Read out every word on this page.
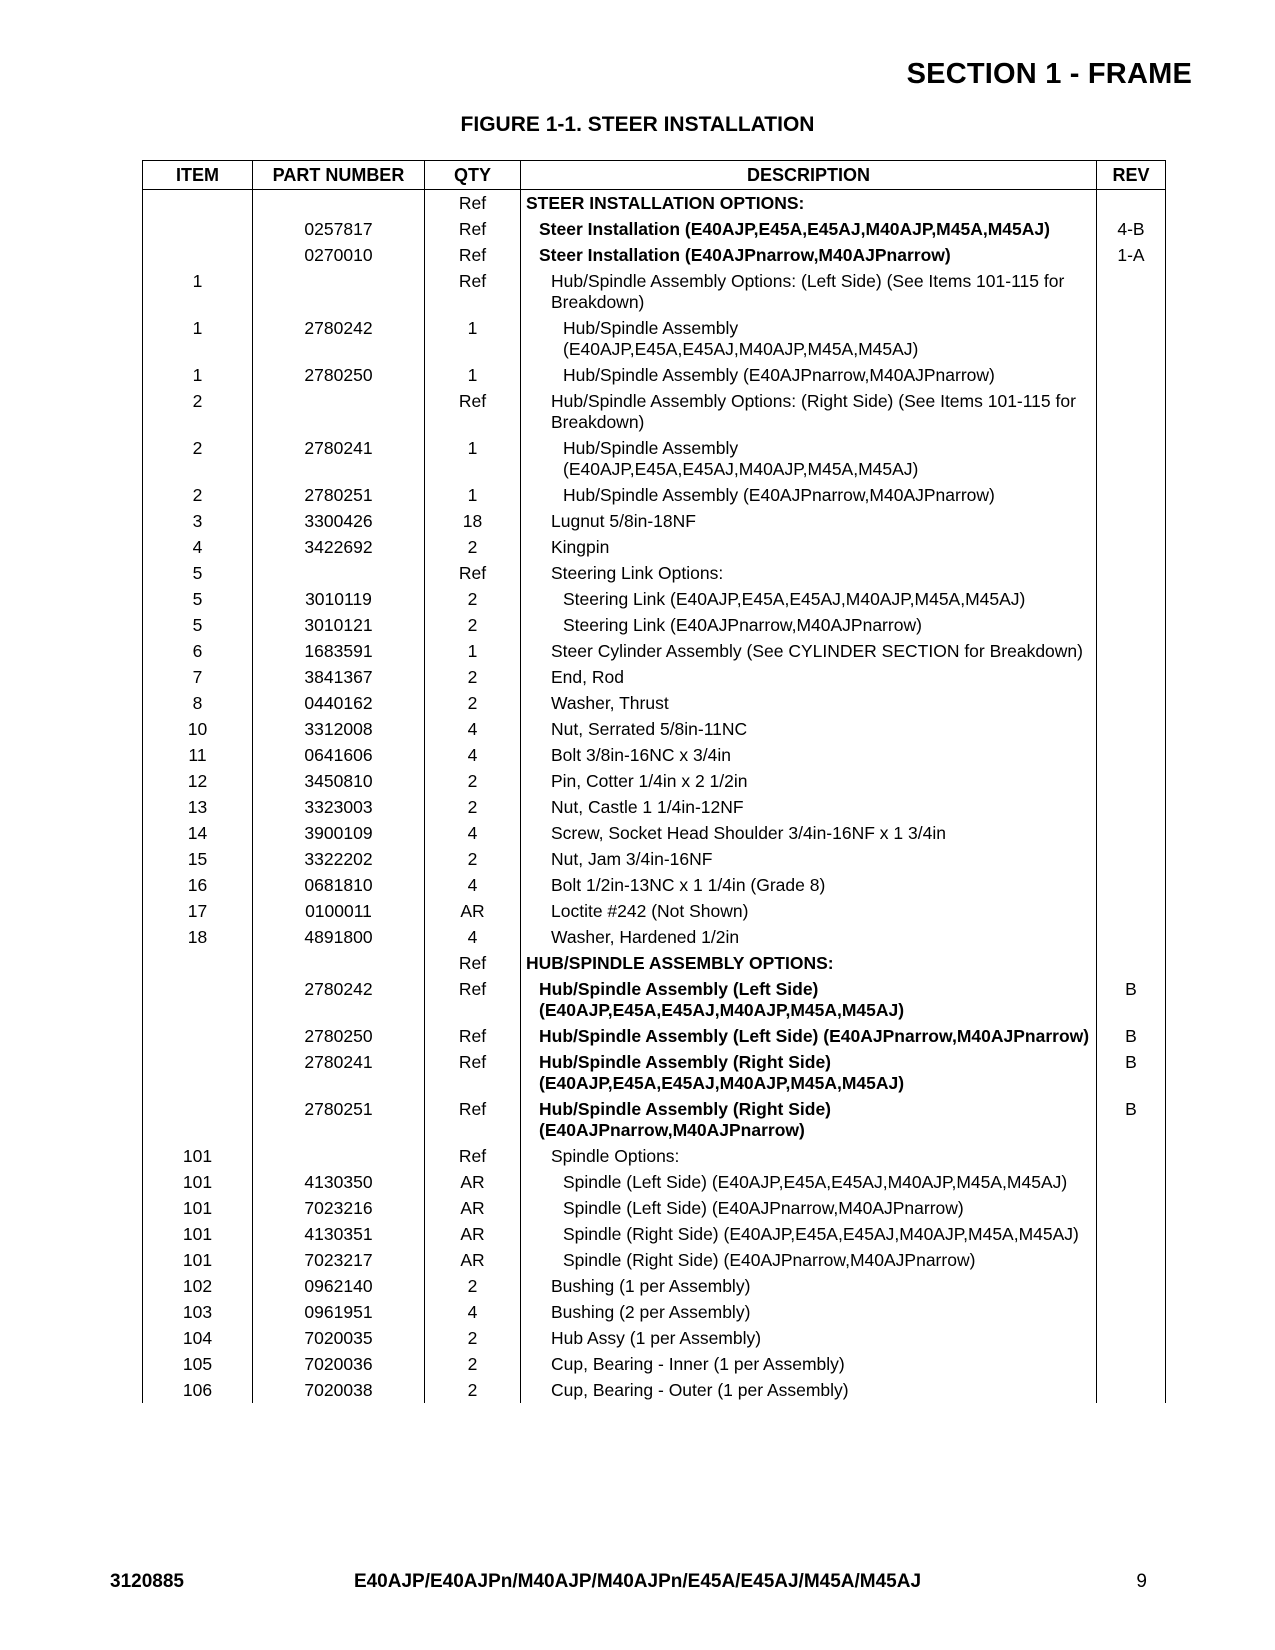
SECTION 1 - FRAME
FIGURE 1-1. STEER INSTALLATION
ITEM	PART NUMBER	QTY	DESCRIPTION	REV
		Ref	STEER INSTALLATION OPTIONS:	
	0257817	Ref	Steer Installation (E40AJP,E45A,E45AJ,M40AJP,M45A,M45AJ)	4-B
	0270010	Ref	Steer Installation (E40AJPnarrow,M40AJPnarrow)	1-A
1		Ref	Hub/Spindle Assembly Options: (Left Side) (See Items 101-115 for Breakdown)	
1	2780242	1	Hub/Spindle Assembly (E40AJP,E45A,E45AJ,M40AJP,M45A,M45AJ)	
1	2780250	1	Hub/Spindle Assembly (E40AJPnarrow,M40AJPnarrow)	
2		Ref	Hub/Spindle Assembly Options: (Right Side) (See Items 101-115 for Breakdown)	
2	2780241	1	Hub/Spindle Assembly (E40AJP,E45A,E45AJ,M40AJP,M45A,M45AJ)	
2	2780251	1	Hub/Spindle Assembly (E40AJPnarrow,M40AJPnarrow)	
3	3300426	18	Lugnut 5/8in-18NF	
4	3422692	2	Kingpin	
5		Ref	Steering Link Options:	
5	3010119	2	Steering Link (E40AJP,E45A,E45AJ,M40AJP,M45A,M45AJ)	
5	3010121	2	Steering Link (E40AJPnarrow,M40AJPnarrow)	
6	1683591	1	Steer Cylinder Assembly (See CYLINDER SECTION for Breakdown)	
7	3841367	2	End, Rod	
8	0440162	2	Washer, Thrust	
10	3312008	4	Nut, Serrated 5/8in-11NC	
11	0641606	4	Bolt 3/8in-16NC x 3/4in	
12	3450810	2	Pin, Cotter 1/4in x 2 1/2in	
13	3323003	2	Nut, Castle 1 1/4in-12NF	
14	3900109	4	Screw, Socket Head Shoulder 3/4in-16NF x 1 3/4in	
15	3322202	2	Nut, Jam 3/4in-16NF	
16	0681810	4	Bolt 1/2in-13NC x 1 1/4in (Grade 8)	
17	0100011	AR	Loctite #242 (Not Shown)	
18	4891800	4	Washer, Hardened 1/2in	
		Ref	HUB/SPINDLE ASSEMBLY OPTIONS:	
	2780242	Ref	Hub/Spindle Assembly (Left Side) (E40AJP,E45A,E45AJ,M40AJP,M45A,M45AJ)	B
	2780250	Ref	Hub/Spindle Assembly (Left Side) (E40AJPnarrow,M40AJPnarrow)	B
	2780241	Ref	Hub/Spindle Assembly (Right Side) (E40AJP,E45A,E45AJ,M40AJP,M45A,M45AJ)	B
	2780251	Ref	Hub/Spindle Assembly (Right Side) (E40AJPnarrow,M40AJPnarrow)	B
101		Ref	Spindle Options:	
101	4130350	AR	Spindle (Left Side) (E40AJP,E45A,E45AJ,M40AJP,M45A,M45AJ)	
101	7023216	AR	Spindle (Left Side) (E40AJPnarrow,M40AJPnarrow)	
101	4130351	AR	Spindle (Right Side) (E40AJP,E45A,E45AJ,M40AJP,M45A,M45AJ)	
101	7023217	AR	Spindle (Right Side) (E40AJPnarrow,M40AJPnarrow)	
102	0962140	2	Bushing (1 per Assembly)	
103	0961951	4	Bushing (2 per Assembly)	
104	7020035	2	Hub Assy (1 per Assembly)	
105	7020036	2	Cup, Bearing - Inner (1 per Assembly)	
106	7020038	2	Cup, Bearing - Outer (1 per Assembly)	
3120885	E40AJP/E40AJPn/M40AJP/M40AJPn/E45A/E45AJ/M45A/M45AJ	9
